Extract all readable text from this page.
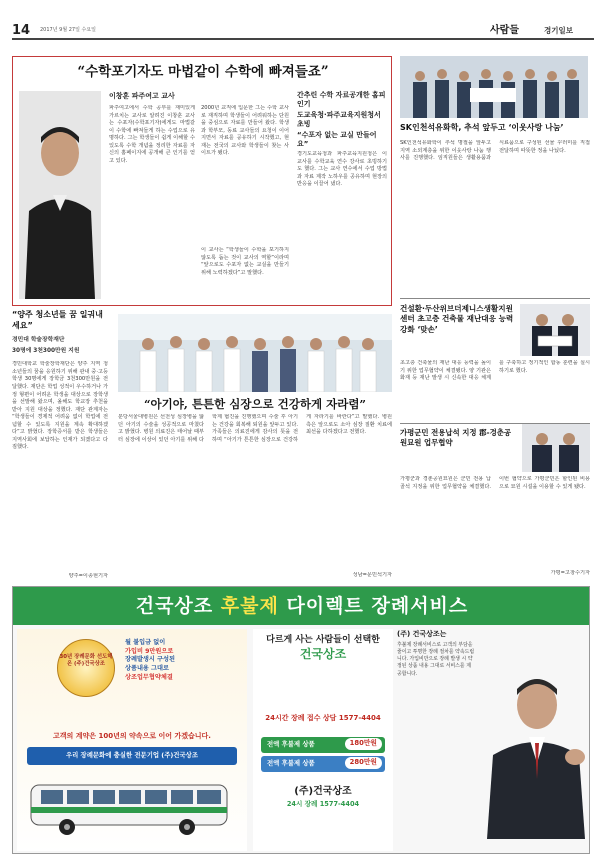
14 2017년 9월 27일 수요일	사람들	경기일보
“수학포기자도 마법같이 수학에 빠져들죠”
이창훈 파주여고 교사
파주여고에서 수학 공부를 재미있게 가르치는 교사로 알려진 이창훈 교사는 수포자(수학포기자)에게도 마법같이 수학에 빠져들게 하는 수업으로 유명하다. 그는 학생들이 쉽게 이해할 수 있도록 수학 개념을 정리한 자료를 자신의 홈페이지에 공개해 큰 인기를 얻고 있다.
2000년 교직에 입문한 그는 수학 교사로 재직하며 학생들이 어려워하는 단원을 중심으로 자료를 만들어 왔다. 학생과 학부모, 동료 교사들의 요청이 이어지면서 자료를 공유하기 시작했고, 현재는 전국의 교사와 학생들이 찾는 사이트가 됐다.
간추린 수학 자료공개한 홈피 인기
도교육청·파주교육지원청서 초빙
“수포자 없는 교실 만들어요”
경기도교육청과 파주교육지원청은 이 교사를 수학교육 연수 강사로 초빙하기도 했다. 그는 교사 연수에서 수업 방법과 자료 제작 노하우를 공유하며 현장의 반응을 이끌어 냈다.
이 교사는 “학생들이 수학을 포기하지 않도록 돕는 것이 교사의 역할”이라며 “앞으로도 수포자 없는 교실을 만들기 위해 노력하겠다”고 말했다.
“양주 청소년들 꿈 일궈내세요”
경민대 학술장학재단
30명에 3천300만원 지원
경민대학교 학술장학재단은 양주 지역 청소년들의 꿈을 응원하기 위해 관내 중·고등학생 30명에게 장학금 3천300만원을 전달했다. 재단은 학업 성적이 우수하거나 가정 형편이 어려운 학생을 대상으로 장학생을 선발해 왔으며, 올해도 학교장 추천을 받아 지원 대상을 정했다. 재단 관계자는 “학생들이 경제적 어려움 없이 학업에 전념할 수 있도록 지원을 계속 확대하겠다”고 밝혔다. 장학증서를 받은 학생들은 지역사회에 보답하는 인재가 되겠다고 다짐했다.
양주=이종현기자
“아기야, 튼튼한 심장으로 건강하게 자라렴”
분당서울대병원은 선천성 심장병을 앓던 아기의 수술을 성공적으로 마쳤다고 밝혔다. 병원 의료진은 태어날 때부터 심장에 이상이 있던 아기를 위해 다학제 협진을 진행했으며 수술 후 아기는 건강을 회복해 퇴원을 앞두고 있다. 가족들은 의료진에게 감사의 뜻을 전하며 “아기가 튼튼한 심장으로 건강하게 자라기를 바란다”고 말했다. 병원 측은 앞으로도 소아 심장 질환 치료에 최선을 다하겠다고 전했다.
성남=문민석기자
SK인천석유화학, 추석 앞두고 ‘이웃사랑 나눔’
SK인천석유화학이 추석 명절을 앞두고 지역 소외계층을 위한 이웃사랑 나눔 행사를 진행했다. 임직원들은 생활용품과 식료품으로 구성된 선물 꾸러미를 직접 전달하며 따뜻한 정을 나눴다.
건설환·두산위브더제니스생활지원센터 초고층 건축물 재난대응 능력강화 ‘맞손’
초고층 건축물의 재난 대응 능력을 높이기 위한 업무협약이 체결됐다. 양 기관은 화재 등 재난 발생 시 신속한 대응 체계를 구축하고 정기적인 합동 훈련을 실시하기로 했다.
가평군민 전용납석 지정 郡-경춘공원묘원 업무협약
가평군과 경춘공원묘원은 군민 전용 납골석 지정을 위한 업무협약을 체결했다. 이번 협약으로 가평군민은 할인된 비용으로 묘원 시설을 이용할 수 있게 됐다.
가평=고창수기자
건국상조 후불제 다이렉트 장례서비스
30년 장례문화 선도해온 (주)건국상조
월 불입금 없이
가입비 9만원으로
장례발생시 구성된
상품내용 그대로
상조업무협약체결
고객의 계약은 100년의 약속으로 이어 가겠습니다.
우리 장례문화에 충실한 전문기업 (주)건국상조
다르게 사는 사람들이 선택한
건국상조
24시간 장례 접수 상담 1577-4404
전액 후불제 상품	180만원
전액 후불제 상품	280만원
(주)건국상조
24시 장례 1577-4404
(주) 건국상조는
후불제 장례서비스로 고객의 부담을 줄이고 투명한 장례 절차를 약속드립니다. 가입비만으로 장례 발생 시 약정된 상품 내용 그대로 서비스를 제공합니다.
